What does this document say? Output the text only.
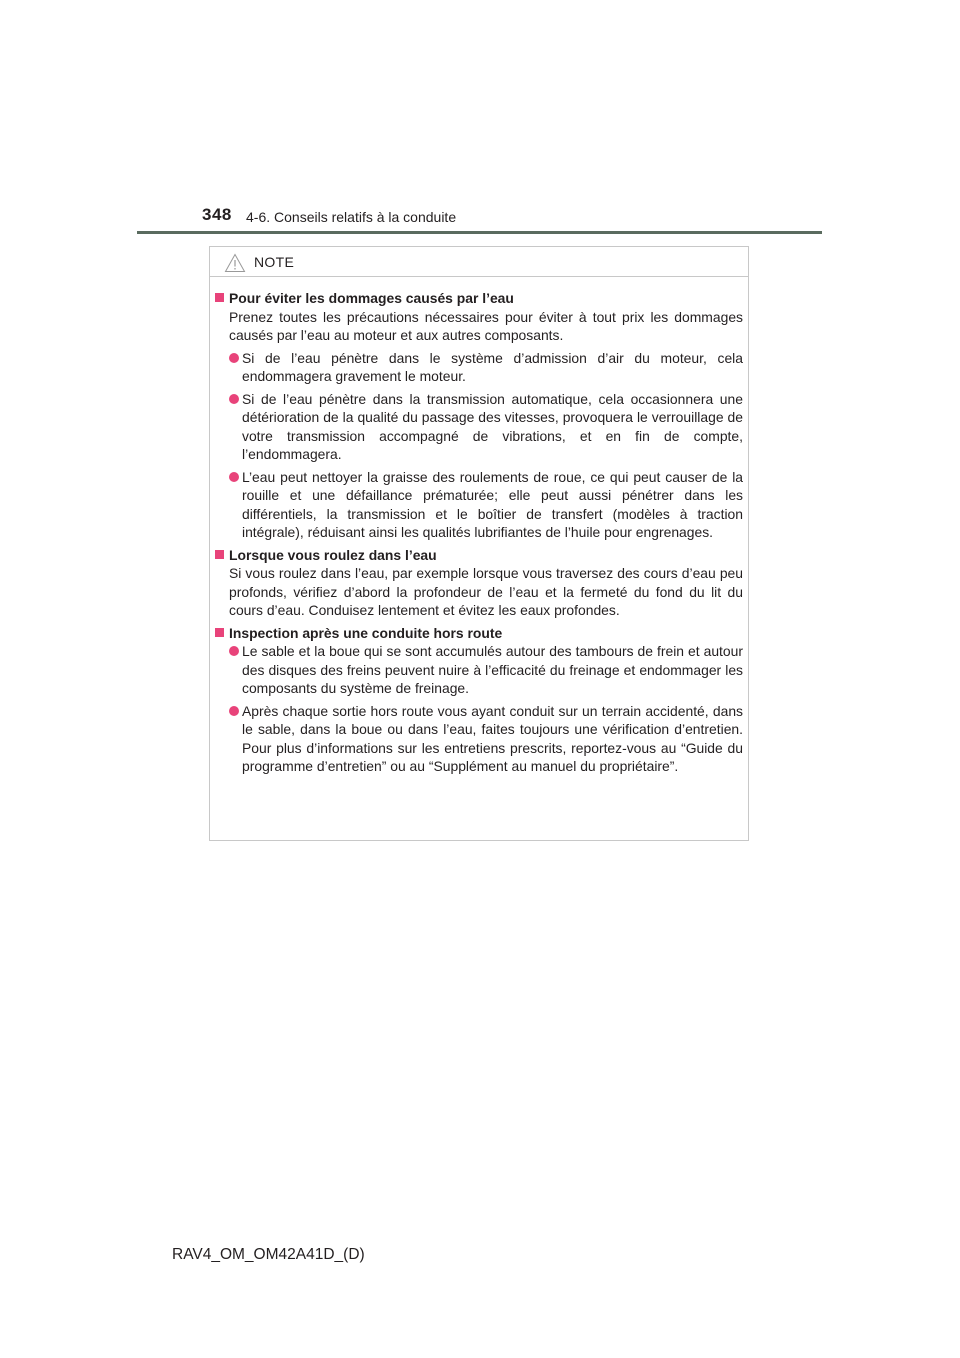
348 4-6. Conseils relatifs à la conduite
NOTE
Pour éviter les dommages causés par l’eau
Prenez toutes les précautions nécessaires pour éviter à tout prix les dommages causés par l’eau au moteur et aux autres composants.
Si de l’eau pénètre dans le système d’admission d’air du moteur, cela endommagera gravement le moteur.
Si de l’eau pénètre dans la transmission automatique, cela occasionnera une détérioration de la qualité du passage des vitesses, provoquera le verrouillage de votre transmission accompagné de vibrations, et en fin de compte, l’endommagera.
L’eau peut nettoyer la graisse des roulements de roue, ce qui peut causer de la rouille et une défaillance prématurée; elle peut aussi pénétrer dans les différentiels, la transmission et le boîtier de transfert (modèles à traction intégrale), réduisant ainsi les qualités lubrifiantes de l’huile pour engrenages.
Lorsque vous roulez dans l’eau
Si vous roulez dans l’eau, par exemple lorsque vous traversez des cours d’eau peu profonds, vérifiez d’abord la profondeur de l’eau et la fermeté du fond du lit du cours d’eau. Conduisez lentement et évitez les eaux profondes.
Inspection après une conduite hors route
Le sable et la boue qui se sont accumulés autour des tambours de frein et autour des disques des freins peuvent nuire à l’efficacité du freinage et endommager les composants du système de freinage.
Après chaque sortie hors route vous ayant conduit sur un terrain accidenté, dans le sable, dans la boue ou dans l’eau, faites toujours une vérification d’entretien. Pour plus d’informations sur les entretiens prescrits, reportez-vous au “Guide du programme d’entretien” ou au “Supplément au manuel du propriétaire”.
RAV4_OM_OM42A41D_(D)
